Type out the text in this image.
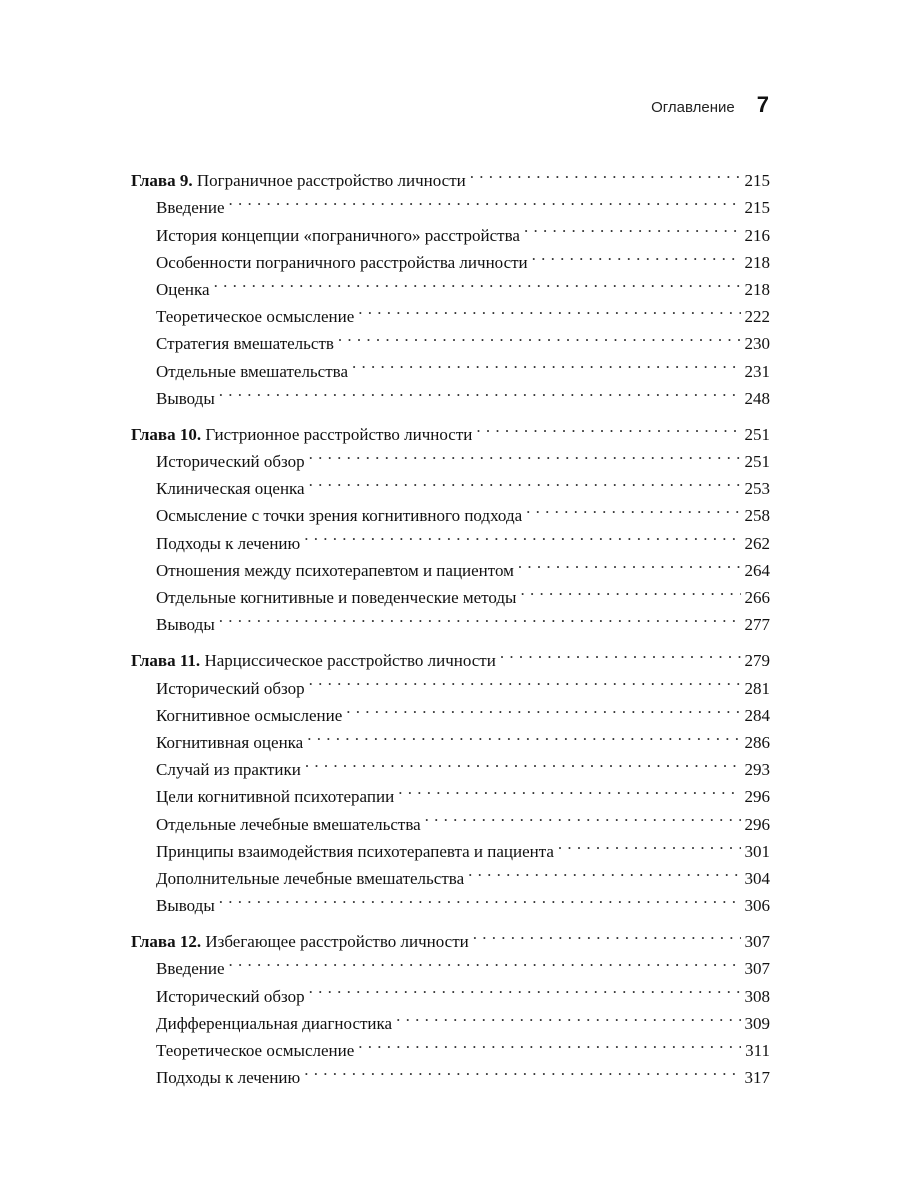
Оглавление 7
Глава 9. Пограничное расстройство личности . . .	215
Введение . . .	215
История концепции «пограничного» расстройства . . .	216
Особенности пограничного расстройства личности . . .	218
Оценка . . .	218
Теоретическое осмысление . . .	222
Стратегия вмешательств . . .	230
Отдельные вмешательства . . .	231
Выводы . . .	248
Глава 10. Гистрионное расстройство личности . . .	251
Исторический обзор . . .	251
Клиническая оценка . . .	253
Осмысление с точки зрения когнитивного подхода . . .	258
Подходы к лечению . . .	262
Отношения между психотерапевтом и пациентом . . .	264
Отдельные когнитивные и поведенческие методы . . .	266
Выводы . . .	277
Глава 11. Нарциссическое расстройство личности . . .	279
Исторический обзор . . .	281
Когнитивное осмысление . . .	284
Когнитивная оценка . . .	286
Случай из практики . . .	293
Цели когнитивной психотерапии . . .	296
Отдельные лечебные вмешательства . . .	296
Принципы взаимодействия психотерапевта и пациента . . .	301
Дополнительные лечебные вмешательства . . .	304
Выводы . . .	306
Глава 12. Избегающее расстройство личности . . .	307
Введение . . .	307
Исторический обзор . . .	308
Дифференциальная диагностика . . .	309
Теоретическое осмысление . . .	311
Подходы к лечению . . .	317
